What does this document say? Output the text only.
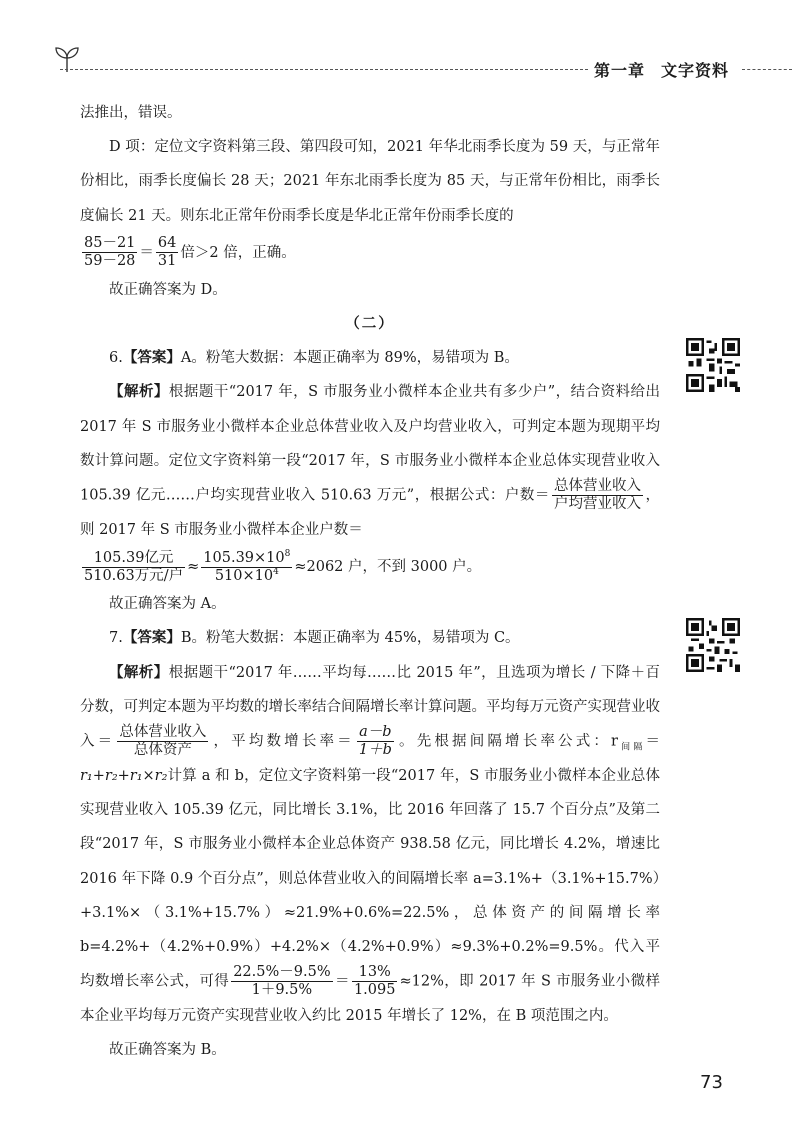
第一章 文字资料

法推出，错误。

D 项：定位文字资料第三段、第四段可知，2021 年华北雨季长度为 59 天，与正常年份相比，雨季长度偏长 28 天；2021 年东北雨季长度为 85 天，与正常年份相比，雨季长度偏长 21 天。则东北正常年份雨季长度是华北正常年份雨季长度的

$\frac{85-21}{59-28} = \frac{64}{31}$ 倍＞2 倍，正确。

故正确答案为 D。

（二）

6.【答案】A。粉笔大数据：本题正确率为 89%，易错项为 B。

【解析】根据题干“2017 年，S 市服务业小微样本企业共有多少户”，结合资料给出 2017 年 S 市服务业小微样本企业总体营业收入及户均营业收入，可判定本题为现期平均数计算问题。定位文字资料第一段“2017 年，S 市服务业小微样本企业总体实现营业收入 105.39 亿元……户均实现营业收入 510.63 万元”，根据公式：户数＝ $\frac{\text{总体营业收入}}{\text{户均营业收入}}$ ，则 2017 年 S 市服务业小微样本企业户数＝

$\frac{\text{105.39亿元}}{\text{510.63万元/户}} \approx \frac{105.39\times 10^8}{510\times 10^4} \approx 2062$ 户，不到 3000 户。

故正确答案为 A。

7.【答案】B。粉笔大数据：本题正确率为 45%，易错项为 C。

【解析】根据题干“2017 年……平均每……比 2015 年”，且选项为增长 / 下降＋百分数，可判定本题为平均数的增长率结合间隔增长率计算问题。平均每万元资产实现营业收入＝ $\frac{\text{总体营业收入}}{\text{总体资产}}$ ，平均数增长率＝ $\frac{a-b}{1+b}$ 。先根据间隔增长率公式：$r_{间隔}=r_1+r_2+r_1\times r_2$计算 a 和 b，定位文字资料第一段“2017 年，S 市服务业小微样本企业总体实现营业收入 105.39 亿元，同比增长 3.1%，比 2016 年回落了 15.7 个百分点”及第二段“2017 年，S 市服务业小微样本企业总体资产 938.58 亿元，同比增长 4.2%，增速比 2016 年下降 0.9 个百分点”，则总体营业收入的间隔增长率 a=3.1%+（3.1%+15.7%）+3.1%×（3.1%+15.7%）≈21.9%+0.6%=22.5%，总体资产的间隔增长率 b=4.2%+（4.2%+0.9%）+4.2%×（4.2%+0.9%）≈9.3%+0.2%=9.5%。代入平均数增长率公式，可得 $\frac{22.5\%-9.5\%}{1+9.5\%} = \frac{13\%}{1.095} \approx 12\%$，即 2017 年 S 市服务业小微样本企业平均每万元资产实现营业收入约比 2015 年增长了 12%，在 B 项范围之内。

故正确答案为 B。

73
